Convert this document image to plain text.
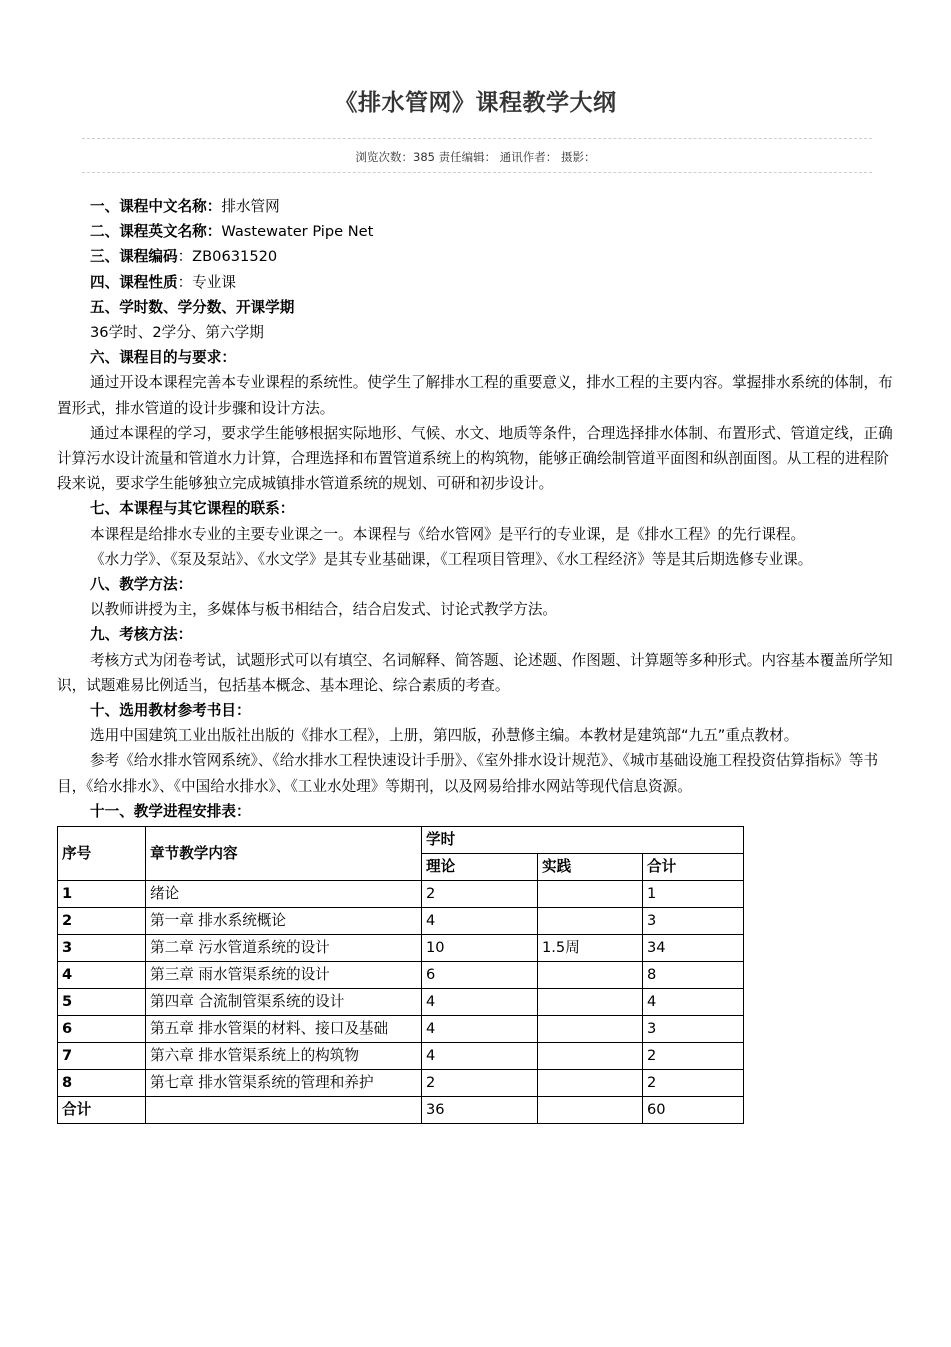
《排水管网》课程教学大纲
浏览次数：385 责任编辑： 通讯作者： 摄影：

一、课程中文名称：排水管网

二、课程英文名称：Wastewater Pipe Net

三、课程编码：ZB0631520

四、课程性质：专业课

五、学时数、学分数、开课学期

36学时、2学分、第六学期

六、课程目的与要求：

通过开设本课程完善本专业课程的系统性。使学生了解排水工程的重要意义，排水工程的主要内容。掌握排水系统的体制，布置形式，排水管道的设计步骤和设计方法。

通过本课程的学习，要求学生能够根据实际地形、气候、水文、地质等条件，合理选择排水体制、布置形式、管道定线，正确计算污水设计流量和管道水力计算，合理选择和布置管道系统上的构筑物，能够正确绘制管道平面图和纵剖面图。从工程的进程阶段来说，要求学生能够独立完成城镇排水管道系统的规划、可研和初步设计。

七、本课程与其它课程的联系：

本课程是给排水专业的主要专业课之一。本课程与《给水管网》是平行的专业课，是《排水工程》的先行课程。

《水力学》、《泵及泵站》、《水文学》是其专业基础课，《工程项目管理》、《水工程经济》等是其后期选修专业课。

八、教学方法：

以教师讲授为主，多媒体与板书相结合，结合启发式、讨论式教学方法。

九、考核方法：

考核方式为闭卷考试，试题形式可以有填空、名词解释、简答题、论述题、作图题、计算题等多种形式。内容基本覆盖所学知识，试题难易比例适当，包括基本概念、基本理论、综合素质的考查。

十、选用教材参考书目：

选用中国建筑工业出版社出版的《排水工程》，上册，第四版，孙慧修主编。本教材是建筑部“九五”重点教材。

参考《给水排水管网系统》、《给水排水工程快速设计手册》、《室外排水设计规范》、《城市基础设施工程投资估算指标》等书目，《给水排水》、《中国给水排水》、《工业水处理》等期刊，以及网易给排水网站等现代信息资源。

十一、教学进程安排表：

序号	章节教学内容	学时		
		理论	实践	合计
1	绪论	2		1
2	第一章 排水系统概论	4		3
3	第二章 污水管道系统的设计	10	1.5周	34
4	第三章 雨水管渠系统的设计	6		8
5	第四章 合流制管渠系统的设计	4		4
6	第五章 排水管渠的材料、接口及基础	4		3
7	第六章 排水管渠系统上的构筑物	4		2
8	第七章 排水管渠系统的管理和养护	2		2
合计		36		60
